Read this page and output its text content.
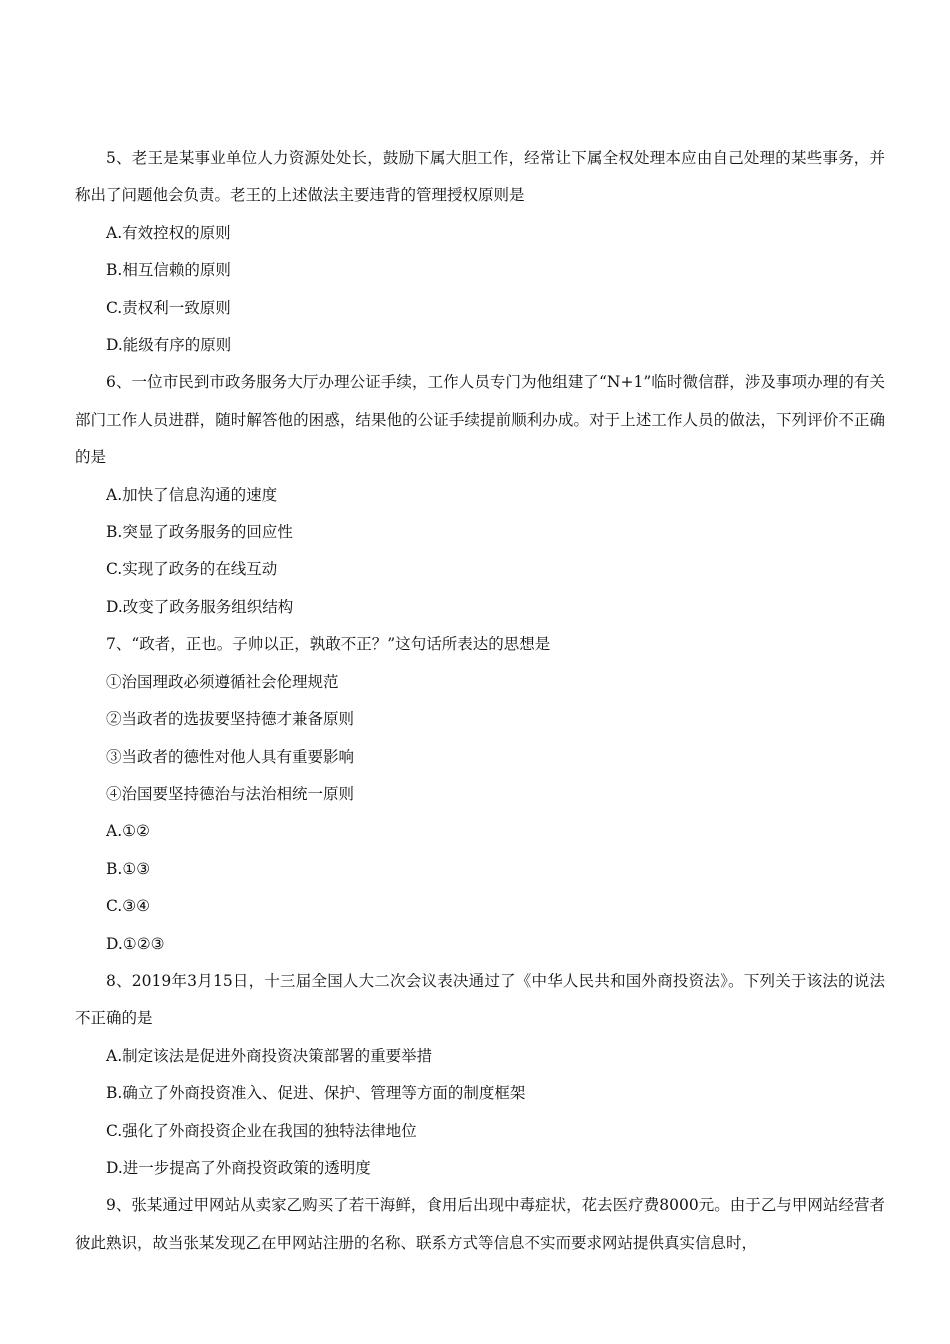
5、老王是某事业单位人力资源处处长，鼓励下属大胆工作，经常让下属全权处理本应由自己处理的某些事务，并称出了问题他会负责。老王的上述做法主要违背的管理授权原则是

A.有效控权的原则

B.相互信赖的原则

C.责权利一致原则

D.能级有序的原则

6、一位市民到市政务服务大厅办理公证手续，工作人员专门为他组建了“N+1”临时微信群，涉及事项办理的有关部门工作人员进群，随时解答他的困惑，结果他的公证手续提前顺利办成。对于上述工作人员的做法，下列评价不正确的是

A.加快了信息沟通的速度

B.突显了政务服务的回应性

C.实现了政务的在线互动

D.改变了政务服务组织结构

7、“政者，正也。子帅以正，孰敢不正？”这句话所表达的思想是

①治国理政必须遵循社会伦理规范

②当政者的选拔要坚持德才兼备原则

③当政者的德性对他人具有重要影响

④治国要坚持德治与法治相统一原则

A.①②

B.①③

C.③④

D.①②③

8、2019年3月15日，十三届全国人大二次会议表决通过了《中华人民共和国外商投资法》。下列关于该法的说法不正确的是

A.制定该法是促进外商投资决策部署的重要举措

B.确立了外商投资准入、促进、保护、管理等方面的制度框架

C.强化了外商投资企业在我国的独特法律地位

D.进一步提高了外商投资政策的透明度

9、张某通过甲网站从卖家乙购买了若干海鲜，食用后出现中毒症状，花去医疗费8000元。由于乙与甲网站经营者彼此熟识，故当张某发现乙在甲网站注册的名称、联系方式等信息不实而要求网站提供真实信息时，
